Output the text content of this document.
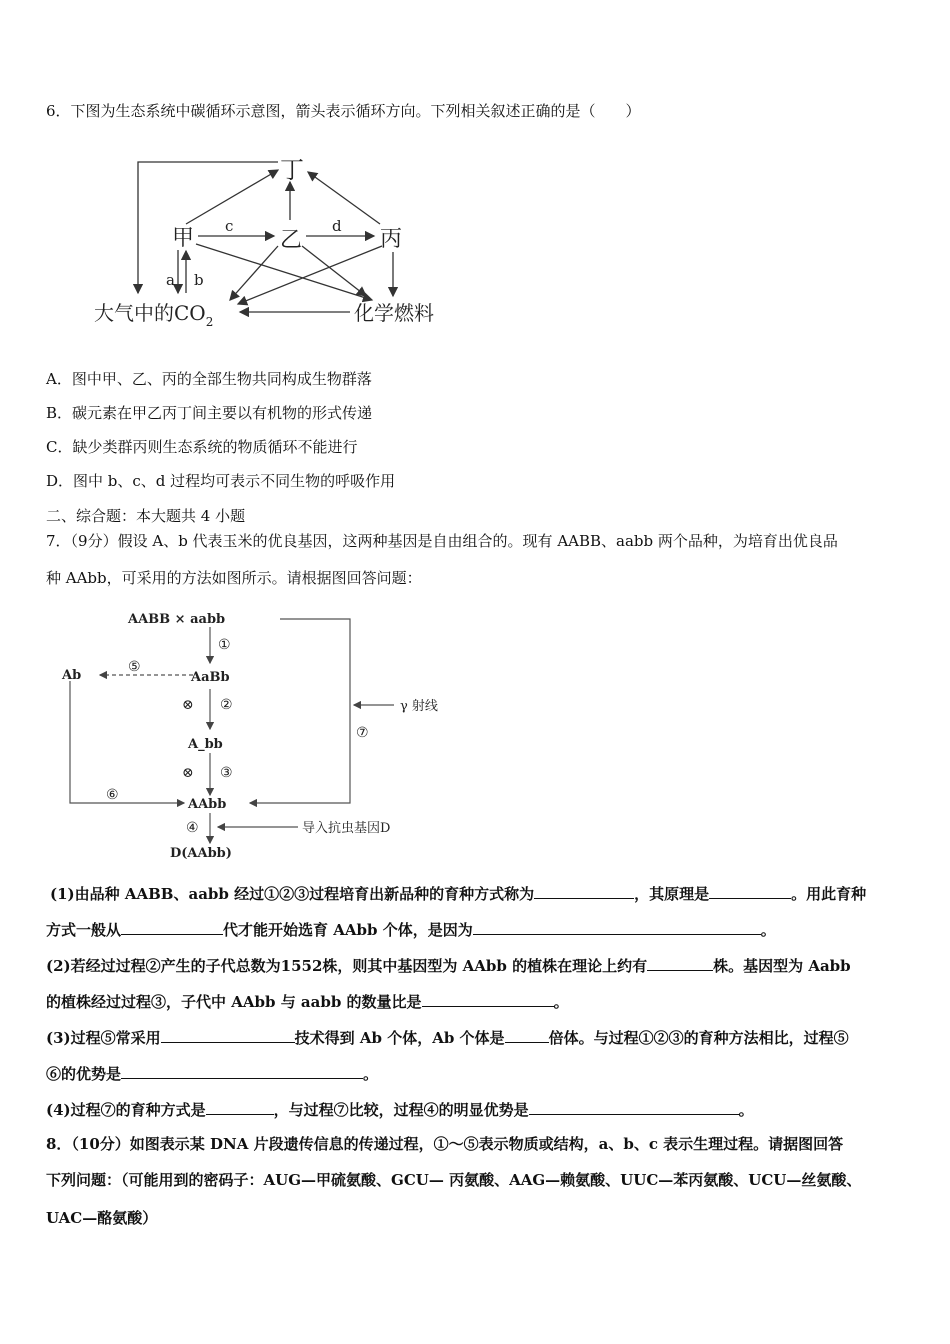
6．下图为生态系统中碳循环示意图，箭头表示循环方向。下列相关叙述正确的是（　　）
丁
甲	乙	丙
c	d
a b
大气中的$CO_2$	化学燃料
A．图中甲、乙、丙的全部生物共同构成生物群落
B．碳元素在甲乙丙丁间主要以有机物的形式传递
C．缺少类群丙则生态系统的物质循环不能进行
D．图中 b、c、d 过程均可表示不同生物的呼吸作用
二、综合题：本大题共 4 小题
7．（9分）假设 A、b 代表玉米的优良基因，这两种基因是自由组合的。现有 AABB、aabb 两个品种，为培育出优良品
种 AAbb，可采用的方法如图所示。请根据图回答问题：
AABB × aabb
①
AaBb
Ab
⑤
⊗ ②
A_bb
⊗ ③
AAbb
⑥
γ 射线
⑦
④	导入抗虫基因D
D(AAbb)
(1)由品种 AABB、aabb 经过①②③过程培育出新品种的育种方式称为	，其原理是	。用此育种
方式一般从	代才能开始选育 AAbb 个体，是因为	。
(2)若经过过程②产生的子代总数为1552株，则其中基因型为 AAbb 的植株在理论上约有	株。基因型为 Aabb
的植株经过过程③，子代中 AAbb 与 aabb 的数量比是	。
(3)过程⑤常采用	技术得到 Ab 个体，Ab 个体是	倍体。与过程①②③的育种方法相比，过程⑤
⑥的优势是	。
(4)过程⑦的育种方式是	，与过程⑦比较，过程④的明显优势是	。
8．（10分）如图表示某 DNA 片段遗传信息的传递过程，①～⑤表示物质或结构，a、b、c 表示生理过程。请据图回答
下列问题：（可能用到的密码子：AUG—甲硫氨酸、GCU— 丙氨酸、AAG—赖氨酸、UUC—苯丙氨酸、UCU—丝氨酸、
UAC—酪氨酸）
